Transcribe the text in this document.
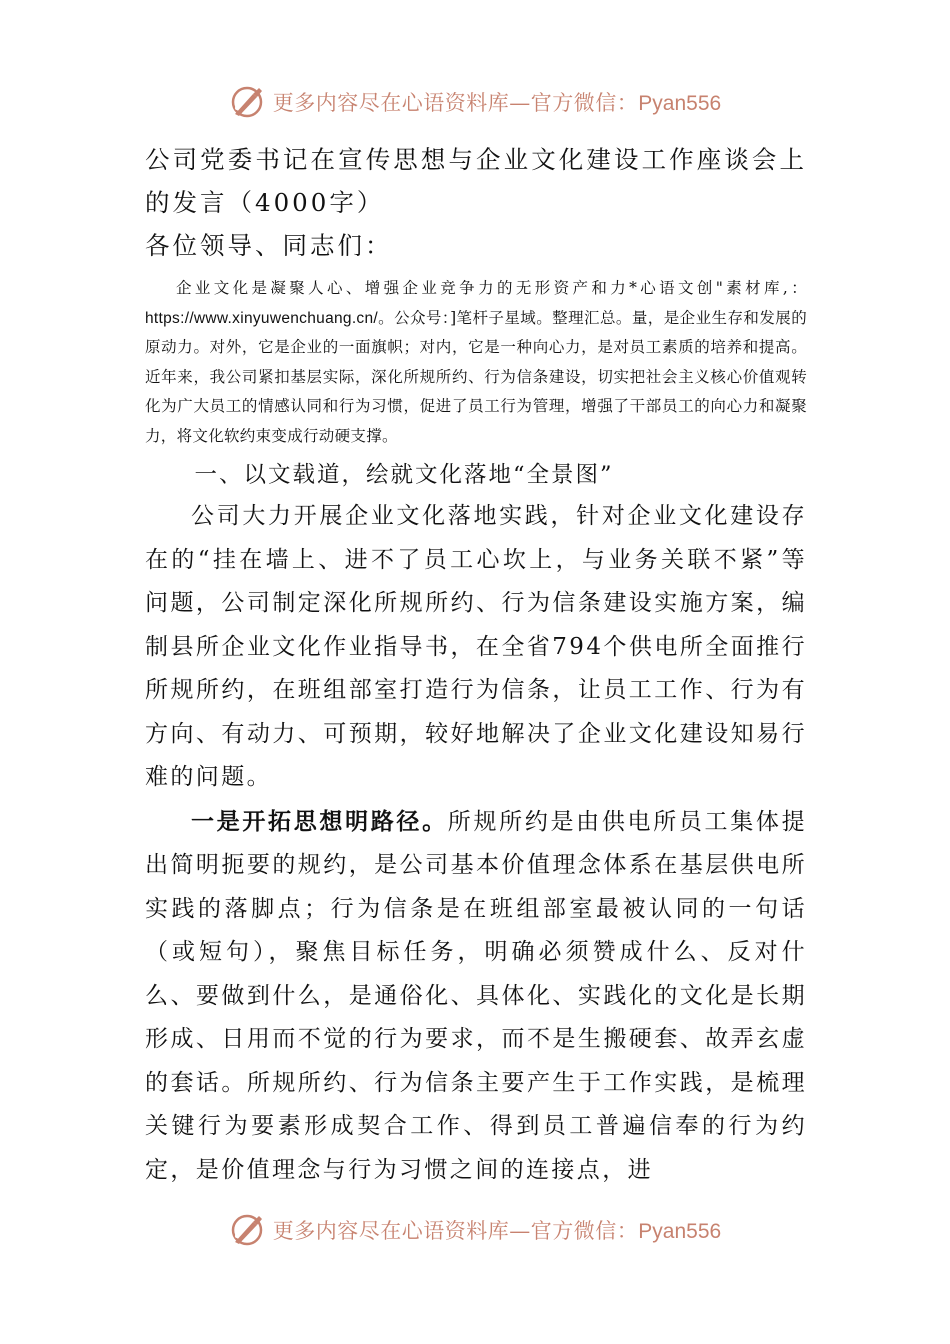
更多内容尽在心语资料库—官方微信：Pyan556
公司党委书记在宣传思想与企业文化建设工作座谈会上的发言（4000字）

各位领导、同志们：

企业文化是凝聚人心、增强企业竞争力的无形资产和力*心语文创"素材库,：https://www.xinyuwenchuang.cn/。公众号：]笔杆子星域。整理汇总。量，是企业生存和发展的原动力。对外，它是企业的一面旗帜；对内，它是一种向心力，是对员工素质的培养和提高。近年来，我公司紧扣基层实际，深化所规所约、行为信条建设，切实把社会主义核心价值观转化为广大员工的情感认同和行为习惯，促进了员工行为管理，增强了干部员工的向心力和凝聚力，将文化软约束变成行动硬支撑。

一、以文载道，绘就文化落地“全景图”

公司大力开展企业文化落地实践，针对企业文化建设存在的“挂在墙上、进不了员工心坎上，与业务关联不紧”等问题，公司制定深化所规所约、行为信条建设实施方案，编制县所企业文化作业指导书，在全省794个供电所全面推行所规所约，在班组部室打造行为信条，让员工工作、行为有方向、有动力、可预期，较好地解决了企业文化建设知易行难的问题。

一是开拓思想明路径。所规所约是由供电所员工集体提出简明扼要的规约，是公司基本价值理念体系在基层供电所实践的落脚点；行为信条是在班组部室最被认同的一句话（或短句），聚焦目标任务，明确必须赞成什么、反对什么、要做到什么，是通俗化、具体化、实践化的文化是长期形成、日用而不觉的行为要求，而不是生搬硬套、故弄玄虚的套话。所规所约、行为信条主要产生于工作实践，是梳理关键行为要素形成契合工作、得到员工普遍信奉的行为约定，是价值理念与行为习惯之间的连接点，进

更多内容尽在心语资料库—官方微信：Pyan556
